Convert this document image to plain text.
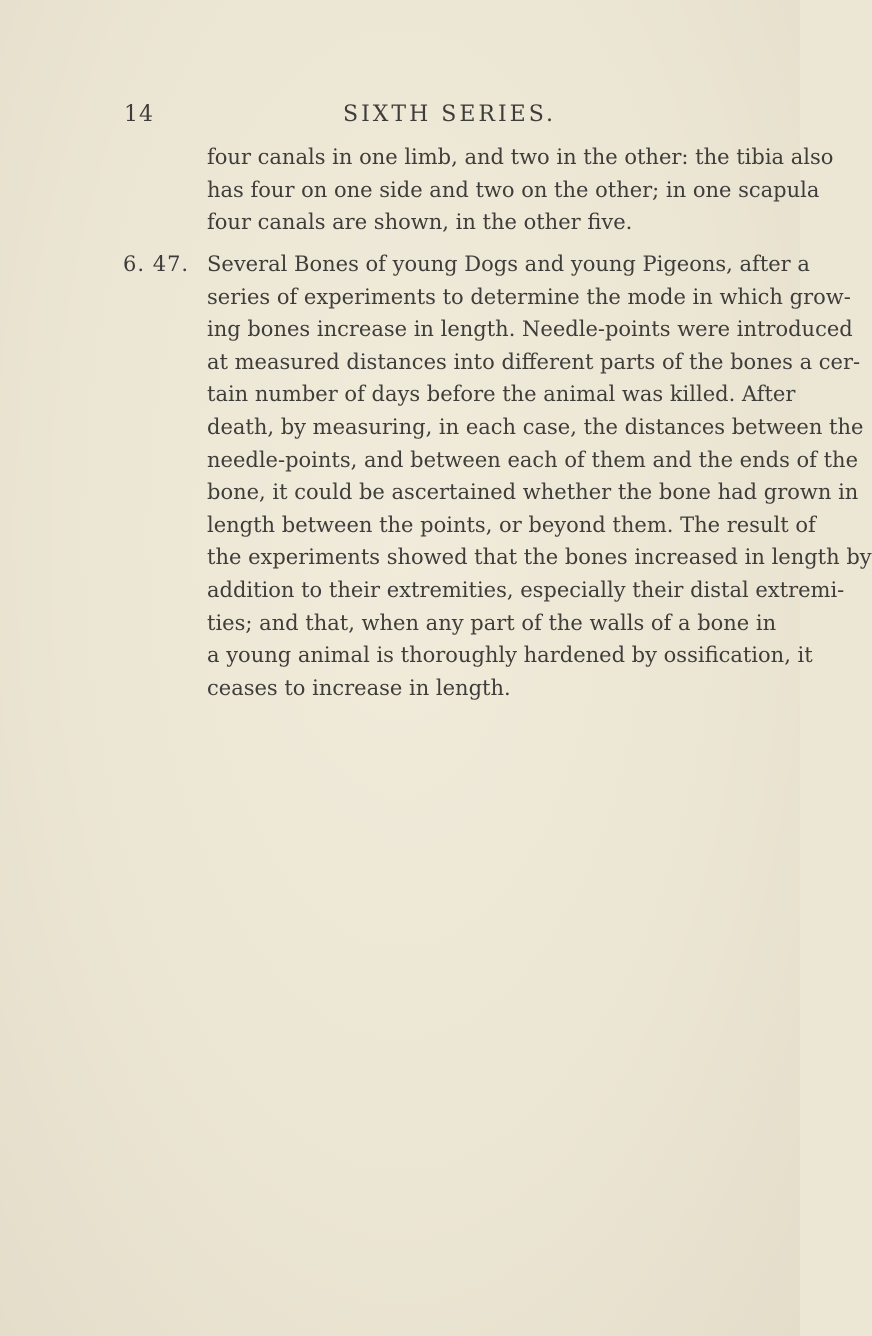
14	SIXTH SERIES.

four canals in one limb, and two in the other: the tibia also
has four on one side and two on the other; in one scapula
four canals are shown, in the other five.

6. 47. Several Bones of young Dogs and young Pigeons, after a
series of experiments to determine the mode in which grow-
ing bones increase in length. Needle-points were introduced
at measured distances into different parts of the bones a cer-
tain number of days before the animal was killed. After
death, by measuring, in each case, the distances between the
needle-points, and between each of them and the ends of the
bone, it could be ascertained whether the bone had grown in
length between the points, or beyond them. The result of
the experiments showed that the bones increased in length by
addition to their extremities, especially their distal extremi-
ties; and that, when any part of the walls of a bone in
a young animal is thoroughly hardened by ossification, it
ceases to increase in length.
